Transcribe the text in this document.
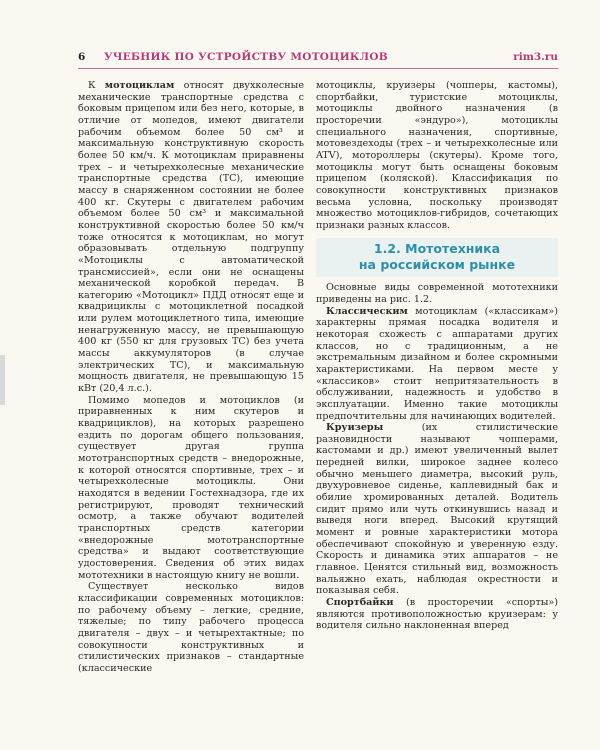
6 УЧЕБНИК ПО УСТРОЙСТВУ МОТОЦИКЛОВ	rim3.ru

К мотоциклам относят двухколесные механические транспортные средства с боковым прицепом или без него, которые, в отличие от мопедов, имеют двигатели рабочим объемом более 50 см³ и максимальную конструктивную скорость более 50 км/ч. К мотоциклам приравнены трех – и четырехколесные механические транспортные средства (ТС), имеющие массу в снаряженном состоянии не более 400 кг. Скутеры с двигателем рабочим объемом более 50 см³ и максимальной конструктивной скоростью более 50 км/ч тоже относятся к мотоциклам, но могут образовывать отдельную подгруппу «Мотоциклы с автоматической трансмиссией», если они не оснащены механической коробкой передач. В категорию «Мотоцикл» ПДД относят еще и квадрициклы с мотоциклетной посадкой или рулем мотоциклетного типа, имеющие ненагруженную массу, не превышающую 400 кг (550 кг для грузовых ТС) без учета массы аккумуляторов (в случае электрических ТС), и максимальную мощность двигателя, не превышающую 15 кВт (20,4 л.с.).

Помимо мопедов и мотоциклов (и приравненных к ним скутеров и квадрициклов), на которых разрешено ездить по дорогам общего пользования, существует другая группа мототранспортных средств – внедорожные, к которой относятся спортивные, трех – и четырехколесные мотоциклы. Они находятся в ведении Гостехнадзора, где их регистрируют, проводят технический осмотр, а также обучают водителей транспортных средств категории «внедорожные мототранспортные средства» и выдают соответствующие удостоверения. Сведения об этих видах мототехники в настоящую книгу не вошли.

Существует несколько видов классификации современных мотоциклов: по рабочему объему – легкие, средние, тяжелые; по типу рабочего процесса двигателя – двух – и четырехтактные; по совокупности конструктивных и стилистических признаков – стандартные (классические

мотоциклы, круизеры (чопперы, кастомы), спортбайки, туристские мотоциклы, мотоциклы двойного назначения (в просторечии «эндуро»), мотоциклы специального назначения, спортивные, мотовездеходы (трех – и четырехколесные или ATV), мотороллеры (скутеры). Кроме того, мотоциклы могут быть оснащены боковым прицепом (коляской). Классификация по совокупности конструктивных признаков весьма условна, поскольку производят множество мотоциклов-гибридов, сочетающих признаки разных классов.

1.2. Мототехника
на российском рынке

Основные виды современной мототехники приведены на рис. 1.2.

Классическим мотоциклам («классикам») характерны прямая посадка водителя и некоторая схожесть с аппаратами других классов, но с традиционным, а не экстремальным дизайном и более скромными характеристиками. На первом месте у «классиков» стоит непритязательность в обслуживании, надежность и удобство в эксплуатации. Именно такие мотоциклы предпочтительны для начинающих водителей.

Круизеры (их стилистические разновидности называют чопперами, кастомами и др.) имеют увеличенный вылет передней вилки, широкое заднее колесо обычно меньшего диаметра, высокий руль, двухуровневое сиденье, каплевидный бак и обилие хромированных деталей. Водитель сидит прямо или чуть откинувшись назад и выведя ноги вперед. Высокий крутящий момент и ровные характеристики мотора обеспечивают спокойную и уверенную езду. Скорость и динамика этих аппаратов – не главное. Ценятся стильный вид, возможность вальяжно ехать, наблюдая окрестности и показывая себя.

Спортбайки (в просторечии «спорты») являются противоположностью круизерам: у водителя сильно наклоненная вперед
